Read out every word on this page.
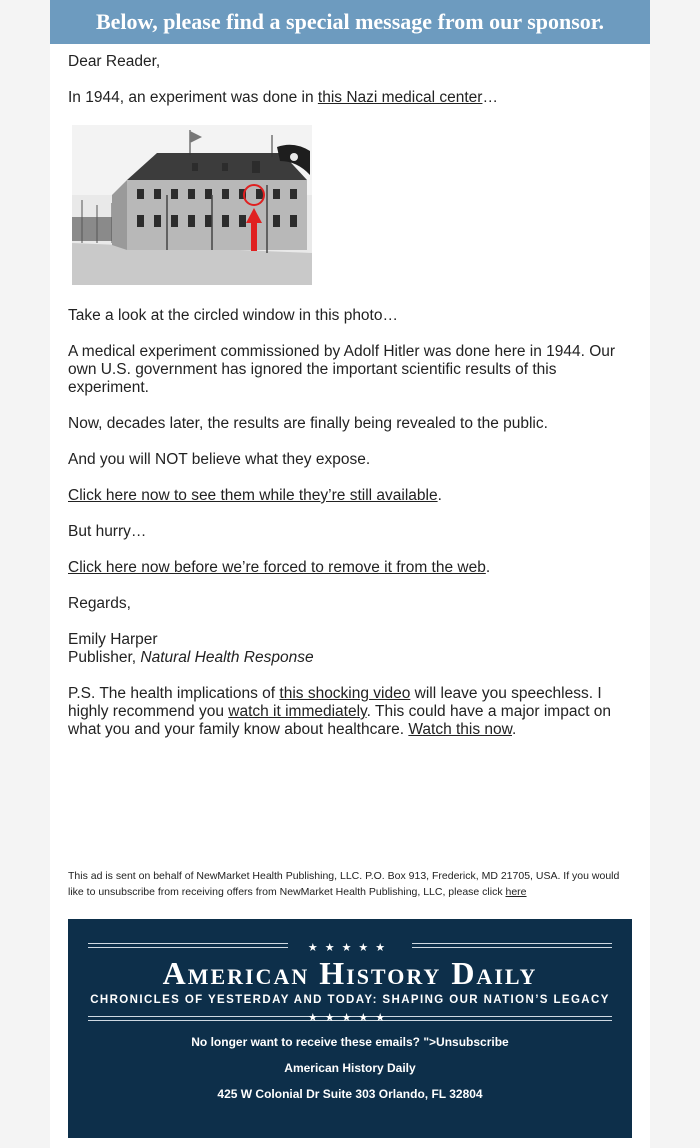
Below, please find a special message from our sponsor.

Dear Reader,

In 1944, an experiment was done in this Nazi medical center…

Take a look at the circled window in this photo…

A medical experiment commissioned by Adolf Hitler was done here in 1944. Our own U.S. government has ignored the important scientific results of this experiment.

Now, decades later, the results are finally being revealed to the public.

And you will NOT believe what they expose.

Click here now to see them while they’re still available.

But hurry…

Click here now before we’re forced to remove it from the web.

Regards,

Emily Harper
Publisher, Natural Health Response

P.S. The health implications of this shocking video will leave you speechless. I highly recommend you watch it immediately. This could have a major impact on what you and your family know about healthcare. Watch this now.

This ad is sent on behalf of NewMarket Health Publishing, LLC. P.O. Box 913, Frederick, MD 21705, USA. If you would like to unsubscribe from receiving offers from NewMarket Health Publishing, LLC, please click here
★★★★★
American History Daily
CHRONICLES OF YESTERDAY AND TODAY: SHAPING OUR NATION’S LEGACY
★★★★★
No longer want to receive these emails? ">Unsubscribe
American History Daily
425 W Colonial Dr Suite 303 Orlando, FL 32804
